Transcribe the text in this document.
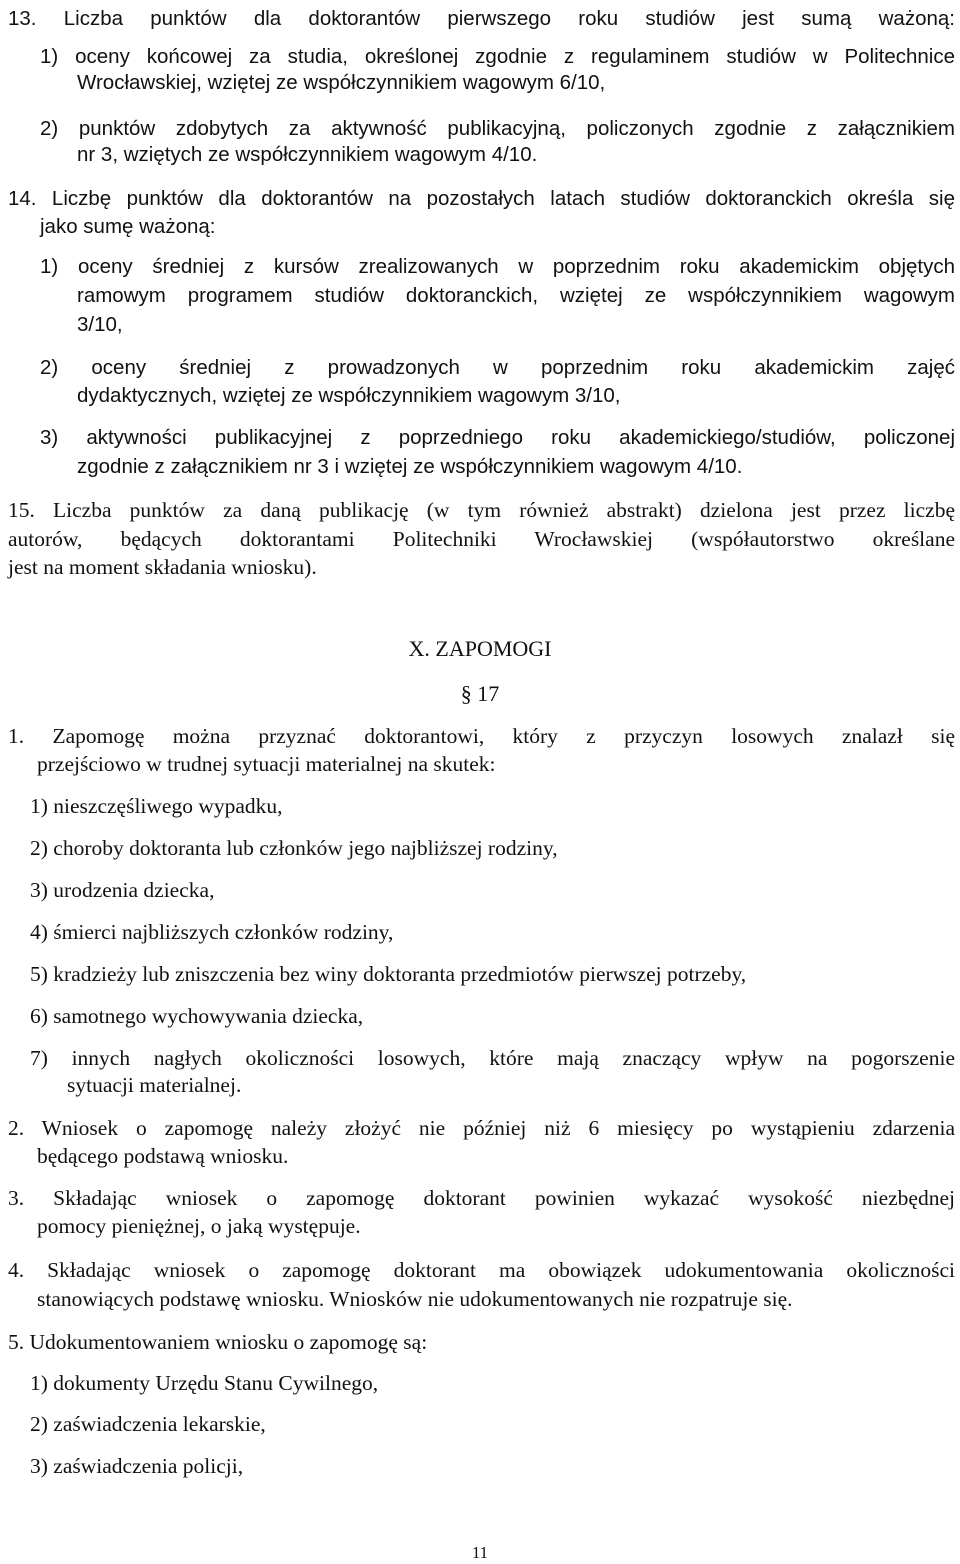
13. Liczba punktów dla doktorantów pierwszego roku studiów jest sumą ważoną:

1) oceny końcowej za studia, określonej zgodnie z regulaminem studiów w Politechnice

Wrocławskiej, wziętej ze współczynnikiem wagowym 6/10,

2) punktów zdobytych za aktywność publikacyjną, policzonych zgodnie z załącznikiem

nr 3, wziętych ze współczynnikiem wagowym 4/10.

14. Liczbę punktów dla doktorantów na pozostałych latach studiów doktoranckich określa się

jako sumę ważoną:

1) oceny średniej z kursów zrealizowanych w poprzednim roku akademickim objętych

ramowym programem studiów doktoranckich, wziętej ze współczynnikiem wagowym

3/10,

2) oceny średniej z prowadzonych w poprzednim roku akademickim zajęć

dydaktycznych, wziętej ze współczynnikiem wagowym 3/10,

3) aktywności publikacyjnej z poprzedniego roku akademickiego/studiów, policzonej

zgodnie z załącznikiem nr 3 i wziętej ze współczynnikiem wagowym 4/10.

15. Liczba punktów za daną publikację (w tym również abstrakt) dzielona jest przez liczbę

autorów, będących doktorantami Politechniki Wrocławskiej (współautorstwo określane

jest na moment składania wniosku).

X. ZAPOMOGI

§ 17

1. Zapomogę można przyznać doktorantowi, który z przyczyn losowych znalazł się

przejściowo w trudnej sytuacji materialnej na skutek:

1) nieszczęśliwego wypadku,

2) choroby doktoranta lub członków jego najbliższej rodziny,

3) urodzenia dziecka,

4) śmierci najbliższych członków rodziny,

5) kradzieży lub zniszczenia bez winy doktoranta przedmiotów pierwszej potrzeby,

6) samotnego wychowywania dziecka,

7) innych nagłych okoliczności losowych, które mają znaczący wpływ na pogorszenie

sytuacji materialnej.

2. Wniosek o zapomogę należy złożyć nie później niż 6 miesięcy po wystąpieniu zdarzenia

będącego podstawą wniosku.

3. Składając wniosek o zapomogę doktorant powinien wykazać wysokość niezbędnej

pomocy pieniężnej, o jaką występuje.

4. Składając wniosek o zapomogę doktorant ma obowiązek udokumentowania okoliczności

stanowiących podstawę wniosku. Wniosków nie udokumentowanych nie rozpatruje się.

5. Udokumentowaniem wniosku o zapomogę są:

1) dokumenty Urzędu Stanu Cywilnego,

2) zaświadczenia lekarskie,

3) zaświadczenia policji,

11
